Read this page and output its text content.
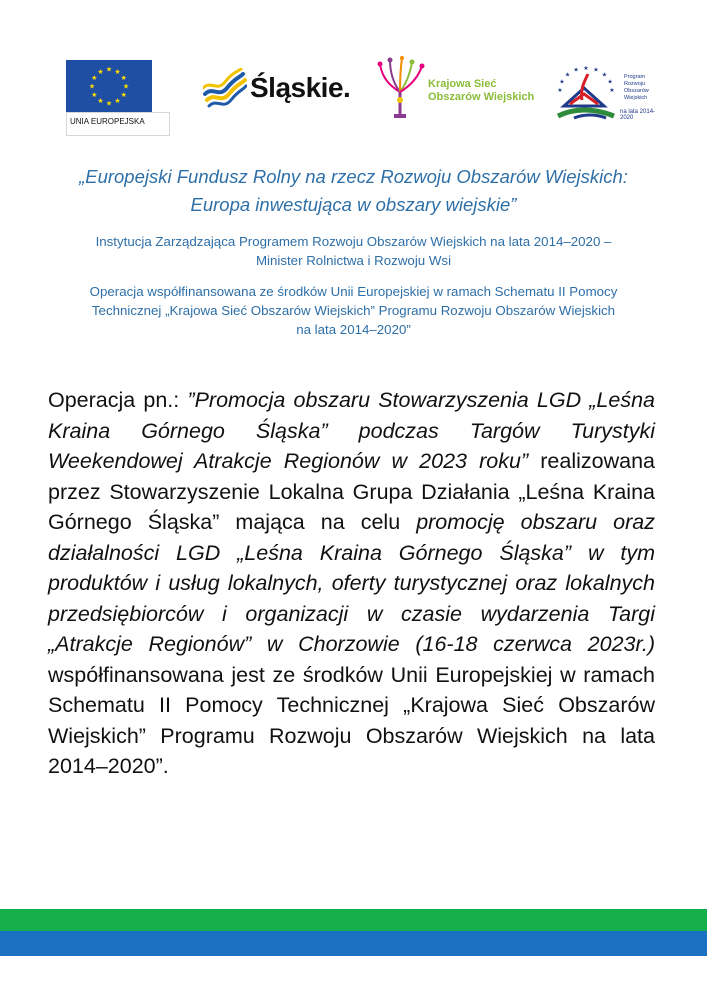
★
★
★
★
★
★
★
★
★ ★ ★
★
UNIA EUROPEJSKA
Śląskie.	Krajowa Sieć
Obszarów Wiejskich	★
★
★
★ ★ ★
★
★
★
Program
Rozwoju
Obszarów
Wiejskich
na lata 2014-2020
„Europejski Fundusz Rolny na rzecz Rozwoju Obszarów Wiejskich:
Europa inwestująca w obszary wiejskie”
Instytucja Zarządzająca Programem Rozwoju Obszarów Wiejskich na lata 2014–2020 –
Minister Rolnictwa i Rozwoju Wsi
Operacja współfinansowana ze środków Unii Europejskiej w ramach Schematu II Pomocy
Technicznej „Krajowa Sieć Obszarów Wiejskich” Programu Rozwoju Obszarów Wiejskich
na lata 2014–2020”
Operacja pn.: ”Promocja obszaru Stowarzyszenia LGD „Leśna Kraina Górnego Śląska” podczas Targów Turystyki Weekendowej Atrakcje Regionów w 2023 roku” realizowana przez Stowarzyszenie Lokalna Grupa Działania „Leśna Kraina Górnego Śląska” mająca na celu promocję obszaru oraz działalności LGD „Leśna Kraina Górnego Śląska” w tym produktów i usług lokalnych, oferty turystycznej oraz lokalnych przedsiębiorców i organizacji w czasie wydarzenia Targi „Atrakcje Regionów” w Chorzowie (16-18 czerwca 2023r.) współfinansowana jest ze środków Unii Europejskiej w ramach Schematu II Pomocy Technicznej „Krajowa Sieć Obszarów Wiejskich” Programu Rozwoju Obszarów Wiejskich na lata 2014–2020”.
